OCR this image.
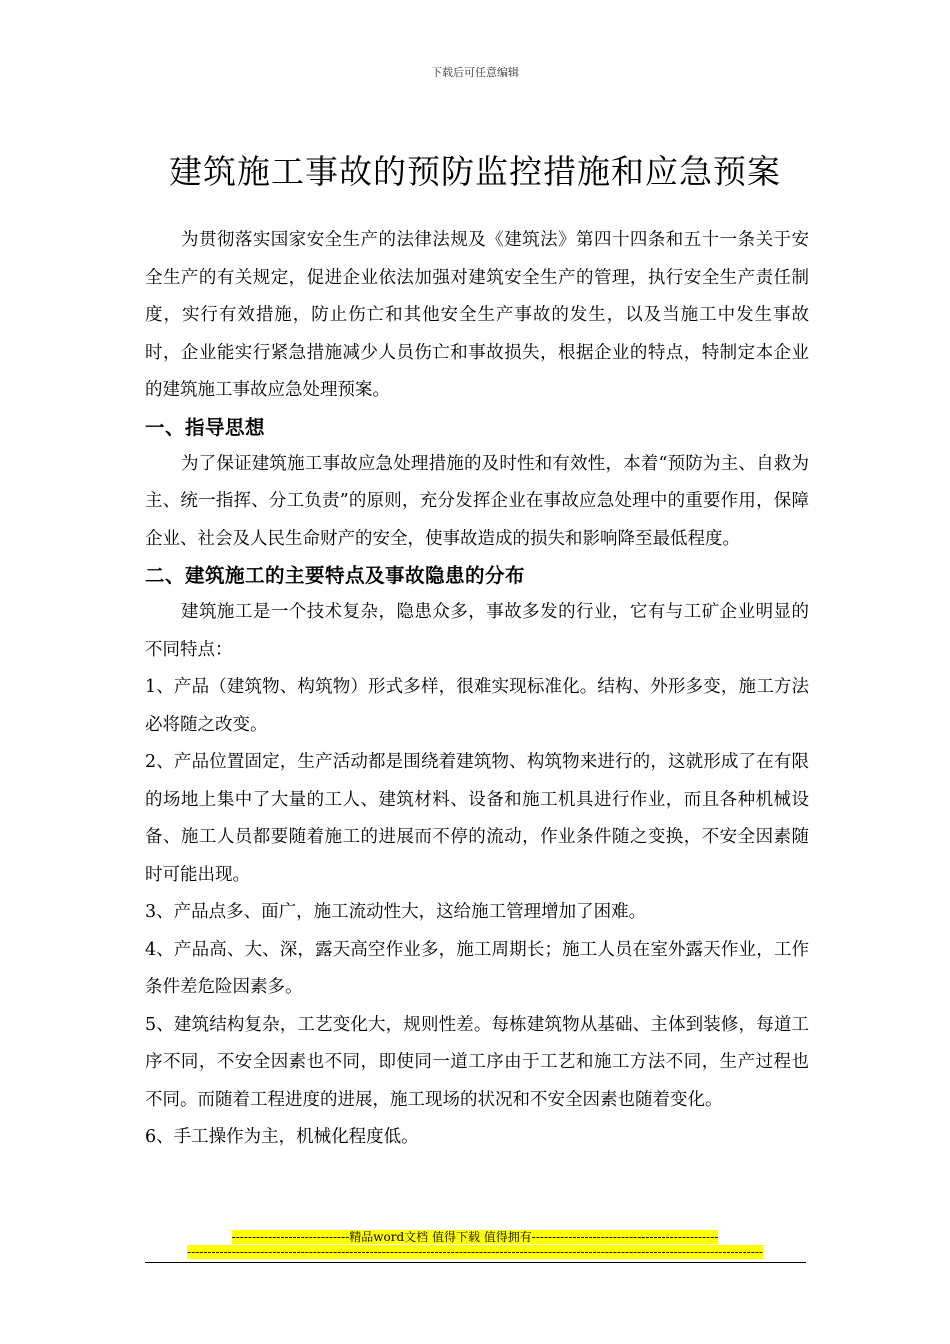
下载后可任意编辑
建筑施工事故的预防监控措施和应急预案

为贯彻落实国家安全生产的法律法规及《建筑法》第四十四条和五十一条关于安全生产的有关规定，促进企业依法加强对建筑安全生产的管理，执行安全生产责任制度，实行有效措施，防止伤亡和其他安全生产事故的发生，以及当施工中发生事故时，企业能实行紧急措施减少人员伤亡和事故损失，根据企业的特点，特制定本企业的建筑施工事故应急处理预案。

一、指导思想

为了保证建筑施工事故应急处理措施的及时性和有效性，本着“预防为主、自救为主、统一指挥、分工负责”的原则，充分发挥企业在事故应急处理中的重要作用，保障企业、社会及人民生命财产的安全，使事故造成的损失和影响降至最低程度。

二、建筑施工的主要特点及事故隐患的分布

建筑施工是一个技术复杂，隐患众多，事故多发的行业，它有与工矿企业明显的不同特点：

1、产品（建筑物、构筑物）形式多样，很难实现标准化。结构、外形多变，施工方法必将随之改变。

2、产品位置固定，生产活动都是围绕着建筑物、构筑物来进行的，这就形成了在有限的场地上集中了大量的工人、建筑材料、设备和施工机具进行作业，而且各种机械设备、施工人员都要随着施工的进展而不停的流动，作业条件随之变换，不安全因素随时可能出现。

3、产品点多、面广，施工流动性大，这给施工管理增加了困难。

4、产品高、大、深，露天高空作业多，施工周期长；施工人员在室外露天作业，工作条件差危险因素多。

5、建筑结构复杂，工艺变化大，规则性差。每栋建筑物从基础、主体到装修，每道工序不同，不安全因素也不同，即使同一道工序由于工艺和施工方法不同，生产过程也不同。而随着工程进度的进展，施工现场的状况和不安全因素也随着变化。

6、手工操作为主，机械化程度低。

-----------------------------精品word文档 值得下载 值得拥有----------------------------------------------
----------------------------------------------------------------------------------------------------------------------------------------------
